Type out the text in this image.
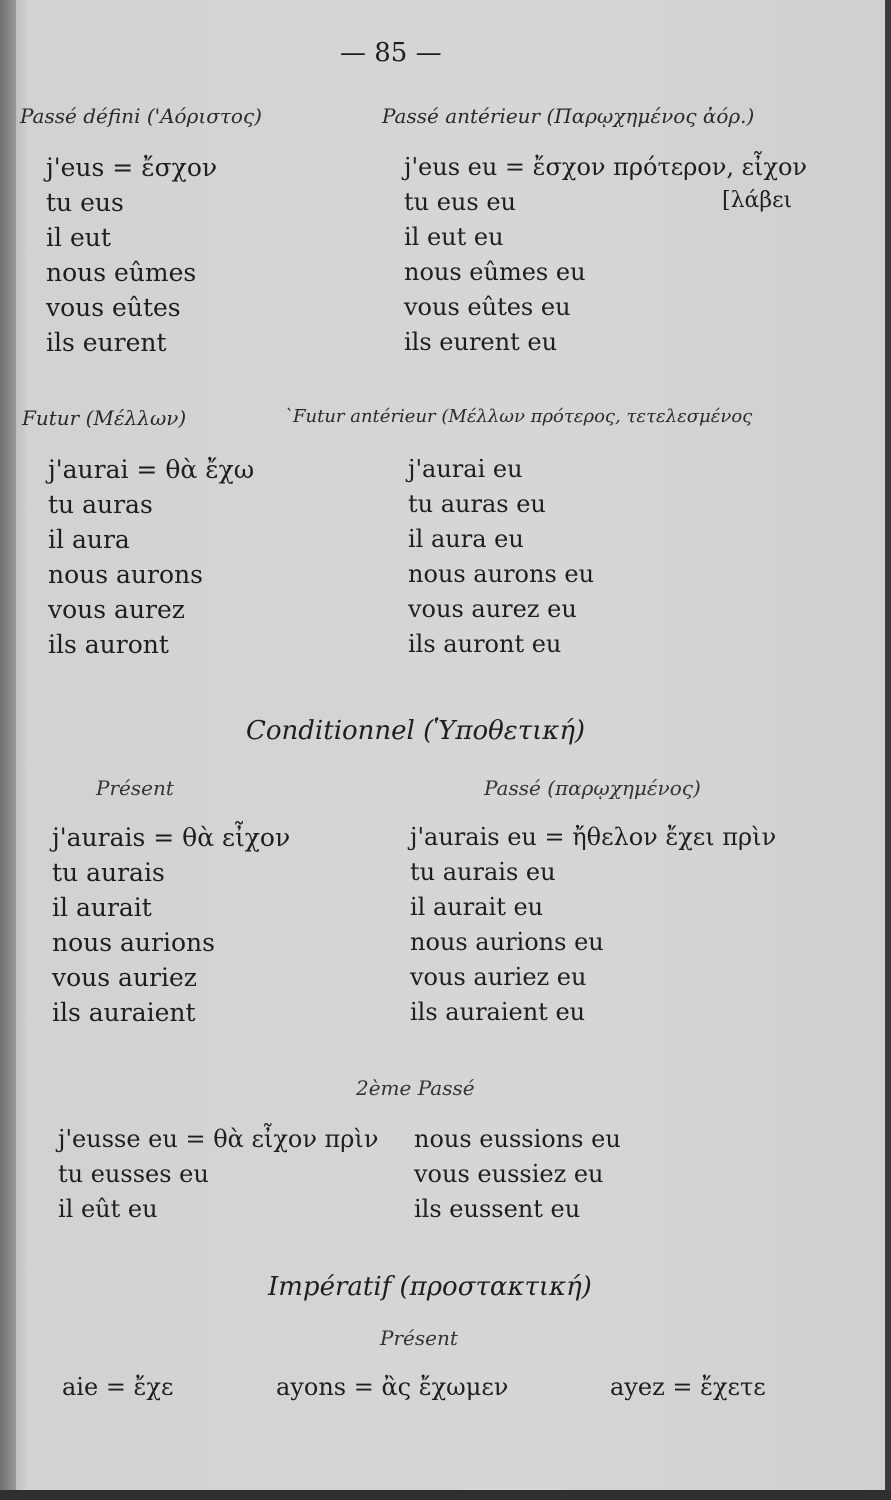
— 85 —
Passé défini ('Αόριστος)
j'eus = ἔσχον
tu eus
il eut
nous eûmes
vous eûtes
ils eurent
Passé antérieur (Παρῳχημένος ἀόρ.)
j'eus eu = ἔσχον πρότερον, εἶχον
tu eus eu
il eut eu
nous eûmes eu
vous eûtes eu
ils eurent eu
[λάβει
Futur (Μέλλων)
j'aurai = θὰ ἔχω
tu auras
il aura
nous aurons
vous aurez
ils auront
`Futur antérieur (Μέλλων πρότερος, τετελεσμένος
j'aurai eu
tu auras eu
il aura eu
nous aurons eu
vous aurez eu
ils auront eu
Conditionnel (Ὑποθετική)
Présent
j'aurais = θὰ εἶχον
tu aurais
il aurait
nous aurions
vous auriez
ils auraient
Passé (παρῳχημένος)
j'aurais eu = ἤθελον ἔχει πρὶν
tu aurais eu
il aurait eu
nous aurions eu
vous auriez eu
ils auraient eu
2ème Passé
j'eusse eu = θὰ εἶχον πρὶν
tu eusses eu
il eût eu
nous eussions eu
vous eussiez eu
ils eussent eu
Impératif (προστακτική)
Présent
aie = ἔχε	ayons = ἂς ἔχωμεν	ayez = ἔχετε
